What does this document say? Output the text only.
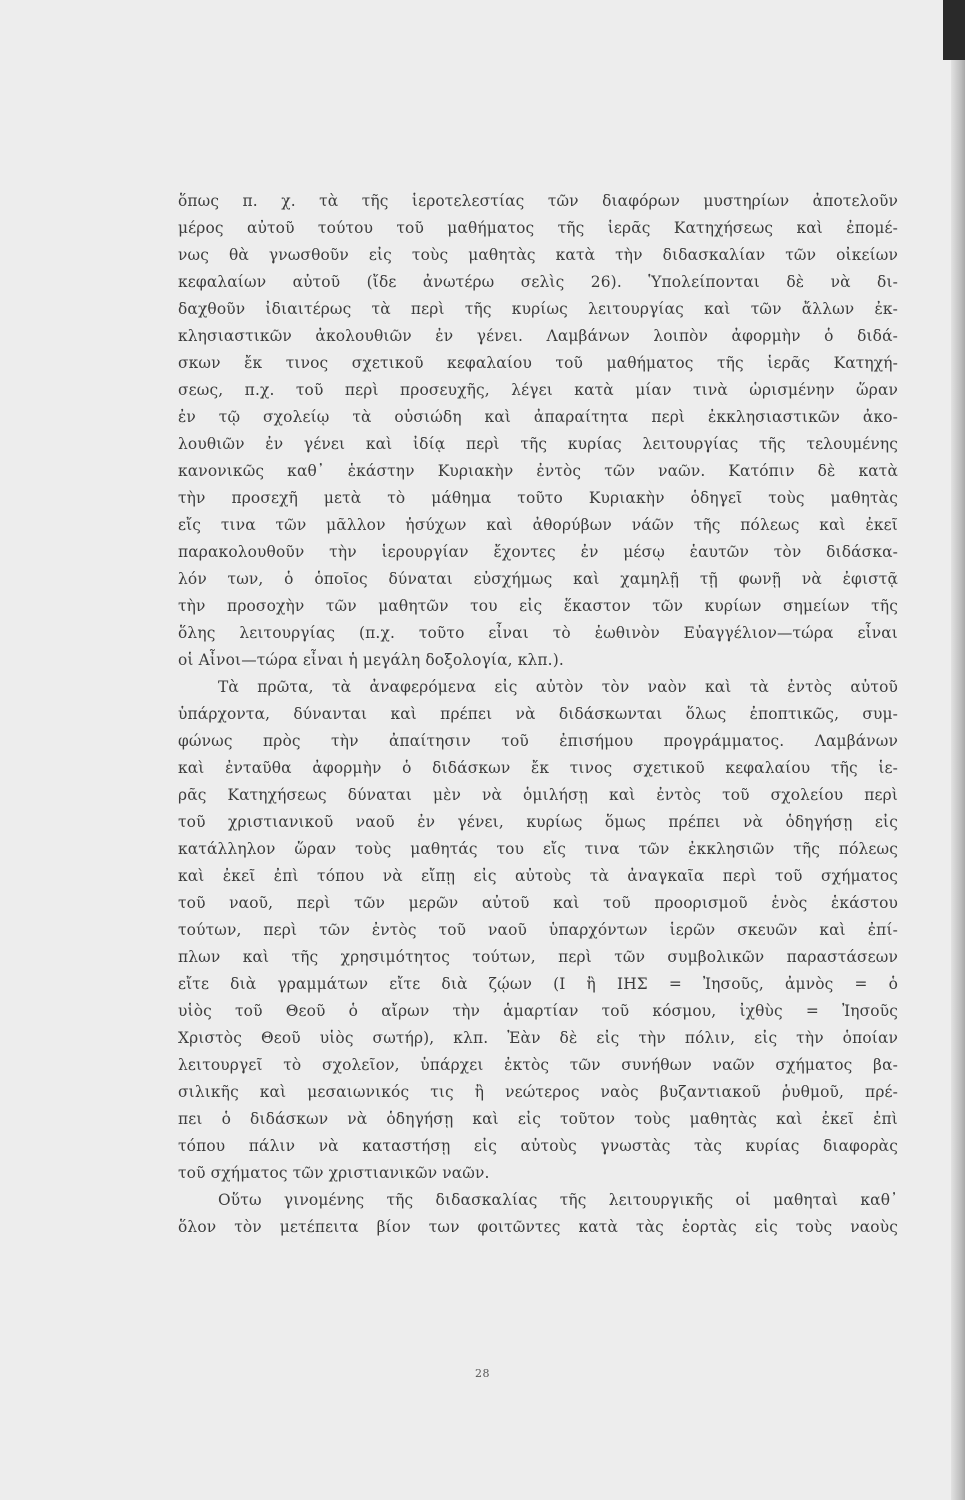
ὅπως π. χ. τὰ τῆς ἱεροτελεστίας τῶν διαφόρων μυστηρίων ἀποτελοῦν
μέρος αὐτοῦ τούτου τοῦ μαθήματος τῆς ἱερᾶς Κατηχήσεως καὶ ἐπομέ-
νως θὰ γνωσθοῦν εἰς τοὺς μαθητὰς κατὰ τὴν διδασκαλίαν τῶν οἰκείων
κεφαλαίων αὐτοῦ (ἴδε ἀνωτέρω σελὶς 26). Ὑπολείπονται δὲ νὰ δι-
δαχθοῦν ἰδιαιτέρως τὰ περὶ τῆς κυρίως λειτουργίας καὶ τῶν ἄλλων ἐκ-
κλησιαστικῶν ἀκολουθιῶν ἐν γένει. Λαμβάνων λοιπὸν ἀφορμὴν ὁ διδά-
σκων ἔκ τινος σχετικοῦ κεφαλαίου τοῦ μαθήματος τῆς ἱερᾶς Κατηχή-
σεως, π.χ. τοῦ περὶ προσευχῆς, λέγει κατὰ μίαν τινὰ ὡρισμένην ὥραν
ἐν τῷ σχολείῳ τὰ οὐσιώδη καὶ ἀπαραίτητα περὶ ἐκκλησιαστικῶν ἀκο-
λουθιῶν ἐν γένει καὶ ἰδίᾳ περὶ τῆς κυρίας λειτουργίας τῆς τελουμένης
κανονικῶς καθ᾽ ἑκάστην Κυριακὴν ἐντὸς τῶν ναῶν. Κατόπιν δὲ κατὰ
τὴν προσεχῆ μετὰ τὸ μάθημα τοῦτο Κυριακὴν ὁδηγεῖ τοὺς μαθητὰς
εἴς τινα τῶν μᾶλλον ἡσύχων καὶ ἀθορύβων νάῶν τῆς πόλεως καὶ ἐκεῖ
παρακολουθοῦν τὴν ἱερουργίαν ἔχοντες ἐν μέσῳ ἑαυτῶν τὸν διδάσκα-
λόν των, ὁ ὁποῖος δύναται εὐσχήμως καὶ χαμηλῇ τῇ φωνῇ νὰ ἐφιστᾷ
τὴν προσοχὴν τῶν μαθητῶν του εἰς ἕκαστον τῶν κυρίων σημείων τῆς
ὅλης λειτουργίας (π.χ. τοῦτο εἶναι τὸ ἑωθινὸν Εὐαγγέλιον—τώρα εἶναι
οἱ Αἶνοι—τώρα εἶναι ἡ μεγάλη δοξολογία, κλπ.).
Τὰ πρῶτα, τὰ ἀναφερόμενα εἰς αὐτὸν τὸν ναὸν καὶ τὰ ἐντὸς αὐτοῦ
ὑπάρχοντα, δύνανται καὶ πρέπει νὰ διδάσκωνται ὅλως ἐποπτικῶς, συμ-
φώνως πρὸς τὴν ἀπαίτησιν τοῦ ἐπισήμου προγράμματος. Λαμβάνων
καὶ ἐνταῦθα ἀφορμὴν ὁ διδάσκων ἔκ τινος σχετικοῦ κεφαλαίου τῆς ἱε-
ρᾶς Κατηχήσεως δύναται μὲν νὰ ὁμιλήσῃ καὶ ἐντὸς τοῦ σχολείου περὶ
τοῦ χριστιανικοῦ ναοῦ ἐν γένει, κυρίως ὅμως πρέπει νὰ ὁδηγήσῃ εἰς
κατάλληλον ὥραν τοὺς μαθητάς του εἴς τινα τῶν ἐκκλησιῶν τῆς πόλεως
καὶ ἐκεῖ ἐπὶ τόπου νὰ εἴπῃ εἰς αὐτοὺς τὰ ἀναγκαῖα περὶ τοῦ σχήματος
τοῦ ναοῦ, περὶ τῶν μερῶν αὐτοῦ καὶ τοῦ προορισμοῦ ἑνὸς ἑκάστου
τούτων, περὶ τῶν ἐντὸς τοῦ ναοῦ ὑπαρχόντων ἱερῶν σκευῶν καὶ ἐπί-
πλων καὶ τῆς χρησιμότητος τούτων, περὶ τῶν συμβολικῶν παραστάσεων
εἴτε διὰ γραμμάτων εἴτε διὰ ζῴων (Ι ἢ ΙΗΣ = Ἰησοῦς, ἀμνὸς = ὁ
υἱὸς τοῦ Θεοῦ ὁ αἴρων τὴν ἁμαρτίαν τοῦ κόσμου, ἰχθὺς = Ἰησοῦς
Χριστὸς Θεοῦ υἱὸς σωτήρ), κλπ. Ἐὰν δὲ εἰς τὴν πόλιν, εἰς τὴν ὁποίαν
λειτουργεῖ τὸ σχολεῖον, ὑπάρχει ἐκτὸς τῶν συνήθων ναῶν σχήματος βα-
σιλικῆς καὶ μεσαιωνικός τις ἢ νεώτερος ναὸς βυζαντιακοῦ ῥυθμοῦ, πρέ-
πει ὁ διδάσκων νὰ ὁδηγήσῃ καὶ εἰς τοῦτον τοὺς μαθητὰς καὶ ἐκεῖ ἐπὶ
τόπου πάλιν νὰ καταστήσῃ εἰς αὐτοὺς γνωστὰς τὰς κυρίας διαφορὰς
τοῦ σχήματος τῶν χριστιανικῶν ναῶν.
Οὕτω γινομένης τῆς διδασκαλίας τῆς λειτουργικῆς οἱ μαθηταὶ καθ᾽
ὅλον τὸν μετέπειτα βίον των φοιτῶντες κατὰ τὰς ἑορτὰς εἰς τοὺς ναοὺς
28
